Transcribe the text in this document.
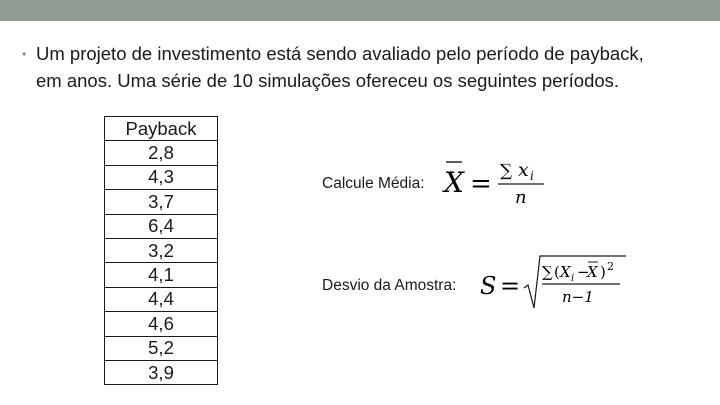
• Um projeto de investimento está sendo avaliado pelo período de payback,
em anos. Uma série de 10 simulações ofereceu os seguintes períodos.
Payback
2,8
4,3
3,7
6,4
3,2
4,1
4,4
4,6
5,2
3,9
Calcule Média: X = ∑ x i
n
Desvio da Amostra: S = ∑ ( X i −
X ) 2
n−1
